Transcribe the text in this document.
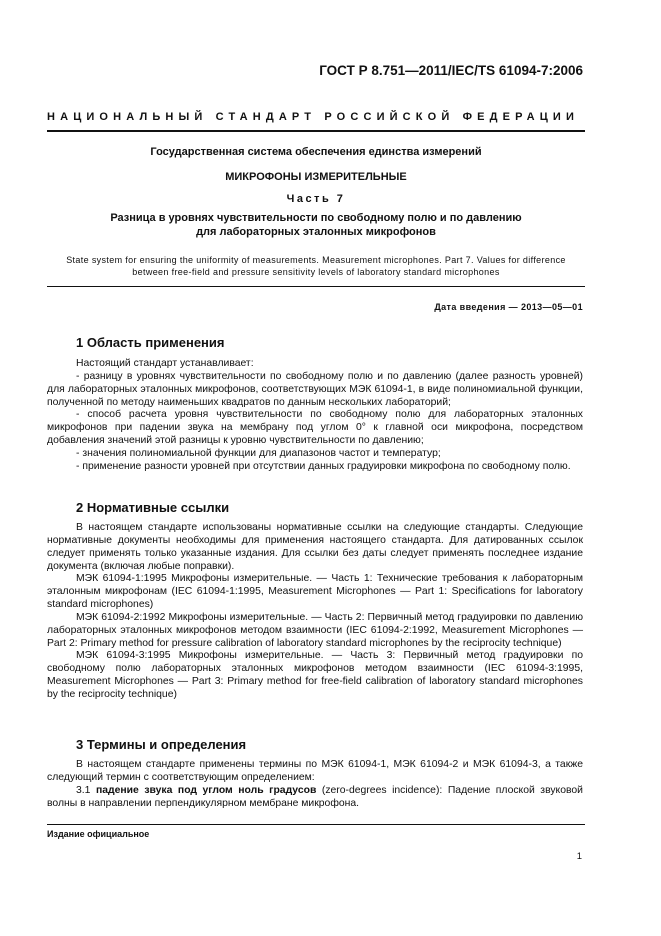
ГОСТ Р 8.751—2011/IEC/TS 61094-7:2006
НАЦИОНАЛЬНЫЙ СТАНДАРТ РОССИЙСКОЙ ФЕДЕРАЦИИ
Государственная система обеспечения единства измерений
МИКРОФОНЫ ИЗМЕРИТЕЛЬНЫЕ
Часть 7
Разница в уровнях чувствительности по свободному полю и по давлению
для лабораторных эталонных микрофонов
State system for ensuring the uniformity of measurements. Measurement microphones. Part 7. Values for difference
between free-field and pressure sensitivity levels of laboratory standard microphones
Дата введения — 2013—05—01
1 Область применения

Настоящий стандарт устанавливает:

- разницу в уровнях чувствительности по свободному полю и по давлению (далее разность уровней) для лабораторных эталонных микрофонов, соответствующих МЭК 61094-1, в виде полиномиальной функции, полученной по методу наименьших квадратов по данным нескольких лабораторий;

- способ расчета уровня чувствительности по свободному полю для лабораторных эталонных микрофонов при падении звука на мембрану под углом 0° к главной оси микрофона, посредством добавления значений этой разницы к уровню чувствительности по давлению;

- значения полиномиальной функции для диапазонов частот и температур;

- применение разности уровней при отсутствии данных градуировки микрофона по свободному полю.

2 Нормативные ссылки

В настоящем стандарте использованы нормативные ссылки на следующие стандарты. Следующие нормативные документы необходимы для применения настоящего стандарта. Для датированных ссылок следует применять только указанные издания. Для ссылки без даты следует применять последнее издание документа (включая любые поправки).

МЭК 61094-1:1995 Микрофоны измерительные. — Часть 1: Технические требования к лабораторным эталонным микрофонам (IEC 61094-1:1995, Measurement Microphones — Part 1: Specifications for laboratory standard microphones)

МЭК 61094-2:1992 Микрофоны измерительные. — Часть 2: Первичный метод градуировки по давлению лабораторных эталонных микрофонов методом взаимности (IEC 61094-2:1992, Measurement Microphones — Part 2: Primary method for pressure calibration of laboratory standard microphones by the reciprocity technique)

МЭК 61094-3:1995 Микрофоны измерительные. — Часть 3: Первичный метод градуировки по свободному полю лабораторных эталонных микрофонов методом взаимности (IEC 61094-3:1995, Measurement Microphones — Part 3: Primary method for free-field calibration of laboratory standard microphones by the reciprocity technique)

3 Термины и определения

В настоящем стандарте применены термины по МЭК 61094-1, МЭК 61094-2 и МЭК 61094-3, а также следующий термин с соответствующим определением:

3.1 падение звука под углом ноль градусов (zero-degrees incidence): Падение плоской звуковой волны в направлении перпендикулярном мембране микрофона.

Издание официальное
1
